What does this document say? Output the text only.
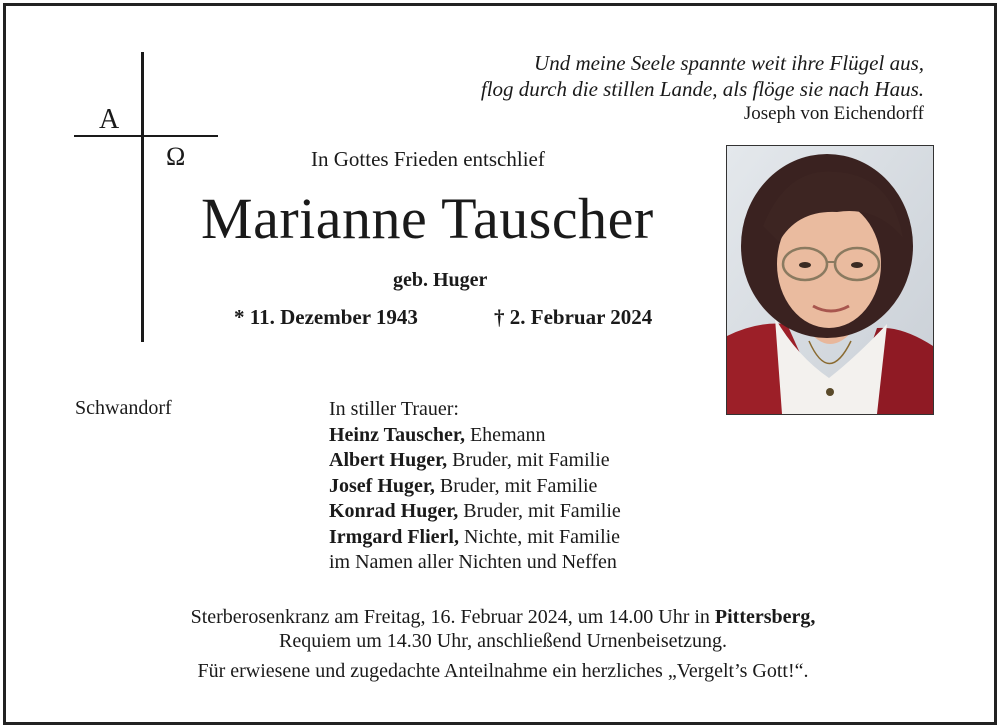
Und meine Seele spannte weit ihre Flügel aus,
flog durch die stillen Lande, als flöge sie nach Haus.
Joseph von Eichendorff
A
Ω	In Gottes Frieden entschlief
Marianne Tauscher
geb. Huger
* 11. Dezember 1943	† 2. Februar 2024
Schwandorf	In stiller Trauer:
Heinz Tauscher, Ehemann
Albert Huger, Bruder, mit Familie
Josef Huger, Bruder, mit Familie
Konrad Huger, Bruder, mit Familie
Irmgard Flierl, Nichte, mit Familie
im Namen aller Nichten und Neffen
Sterberosenkranz am Freitag, 16. Februar 2024, um 14.00 Uhr in Pittersberg,
Requiem um 14.30 Uhr, anschließend Urnenbeisetzung.
Für erwiesene und zugedachte Anteilnahme ein herzliches „Vergelt’s Gott!“.
